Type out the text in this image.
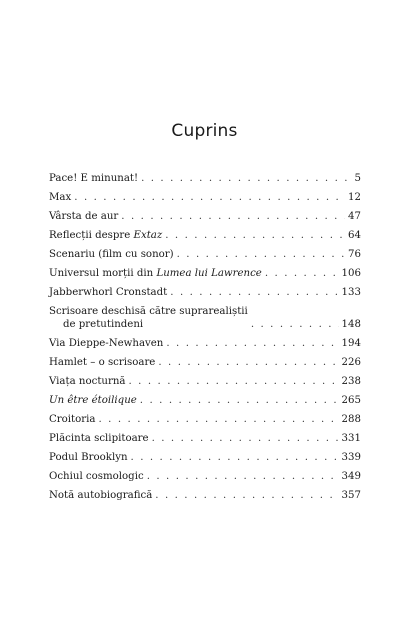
Cuprins
Pace! E minunat! . . .	5
Max . . .	12
Vârsta de aur . . .	47
Reflecții despre Extaz . . .	64
Scenariu (film cu sonor) . . .	76
Universul morții din Lumea lui Lawrence . . .	106
Jabberwhorl Cronstadt . . .	133
Scrisoare deschisă către suprarealiștii
de pretutindeni . . .	148
Via Dieppe-Newhaven . . .	194
Hamlet – o scrisoare . . .	226
Viața nocturnă . . .	238
Un être étoilique . . .	265
Croitoria . . .	288
Plăcinta sclipitoare . . .	331
Podul Brooklyn . . .	339
Ochiul cosmologic . . .	349
Notă autobiografică . . .	357
